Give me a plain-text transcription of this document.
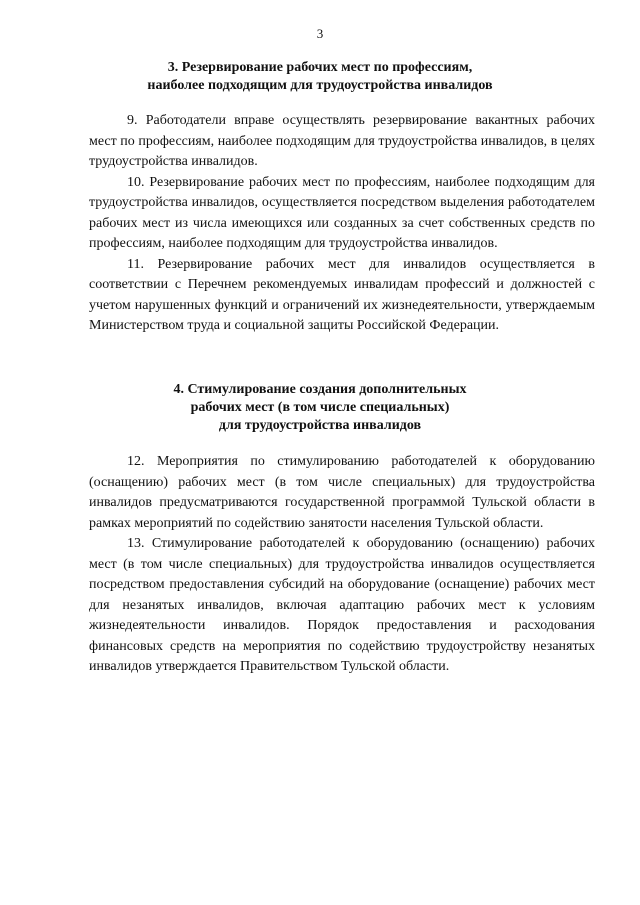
3
3. Резервирование рабочих мест по профессиям,
наиболее подходящим для трудоустройства инвалидов

9. Работодатели вправе осуществлять резервирование вакантных рабочих мест по профессиям, наиболее подходящим для трудоустройства инвалидов, в целях трудоустройства инвалидов.

10. Резервирование рабочих мест по профессиям, наиболее подходящим для трудоустройства инвалидов, осуществляется посредством выделения работодателем рабочих мест из числа имеющихся или созданных за счет собственных средств по профессиям, наиболее подходящим для трудоустройства инвалидов.

11. Резервирование рабочих мест для инвалидов осуществляется в соответствии с Перечнем рекомендуемых инвалидам профессий и должностей с учетом нарушенных функций и ограничений их жизнедеятельности, утверждаемым Министерством труда и социальной защиты Российской Федерации.

4. Стимулирование создания дополнительных
рабочих мест (в том числе специальных)
для трудоустройства инвалидов

12. Мероприятия по стимулированию работодателей к оборудованию (оснащению) рабочих мест (в том числе специальных) для трудоустройства инвалидов предусматриваются государственной программой Тульской области в рамках мероприятий по содействию занятости населения Тульской области.

13. Стимулирование работодателей к оборудованию (оснащению) рабочих мест (в том числе специальных) для трудоустройства инвалидов осуществляется посредством предоставления субсидий на оборудование (оснащение) рабочих мест для незанятых инвалидов, включая адаптацию рабочих мест к условиям жизнедеятельности инвалидов. Порядок предоставления и расходования финансовых средств на мероприятия по содействию трудоустройству незанятых инвалидов утверждается Правительством Тульской области.
